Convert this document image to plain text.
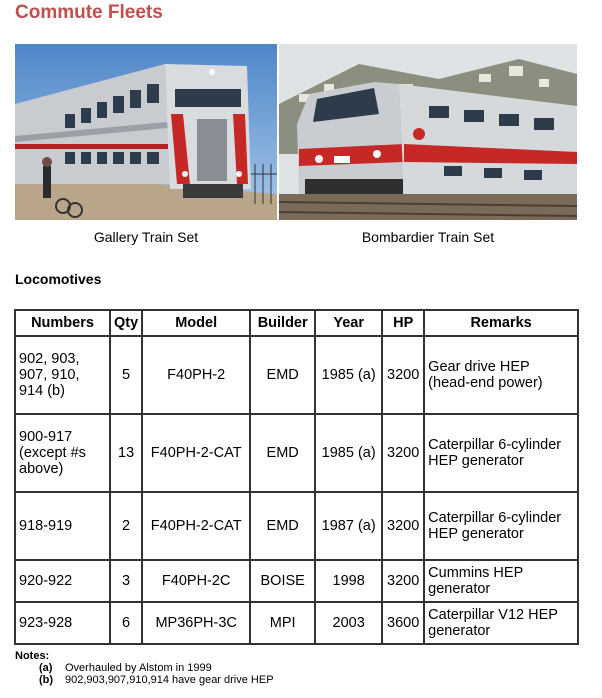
Commute Fleets
Gallery Train Set	Bombardier Train Set
Locomotives
Numbers	Qty	Model	Builder	Year	HP	Remarks
902, 903, 907, 910, 914 (b)	5	F40PH-2	EMD	1985 (a)	3200	Gear drive HEP (head-end power)
900-917 (except #s above)	13	F40PH-2-CAT	EMD	1985 (a)	3200	Caterpillar 6-cylinder HEP generator
918-919	2	F40PH-2-CAT	EMD	1987 (a)	3200	Caterpillar 6-cylinder HEP generator
920-922	3	F40PH-2C	BOISE	1998	3200	Cummins HEP generator
923-928	6	MP36PH-3C	MPI	2003	3600	Caterpillar V12 HEP generator
Notes:
(a) Overhauled by Alstom in 1999
(b) 902,903,907,910,914 have gear drive HEP
